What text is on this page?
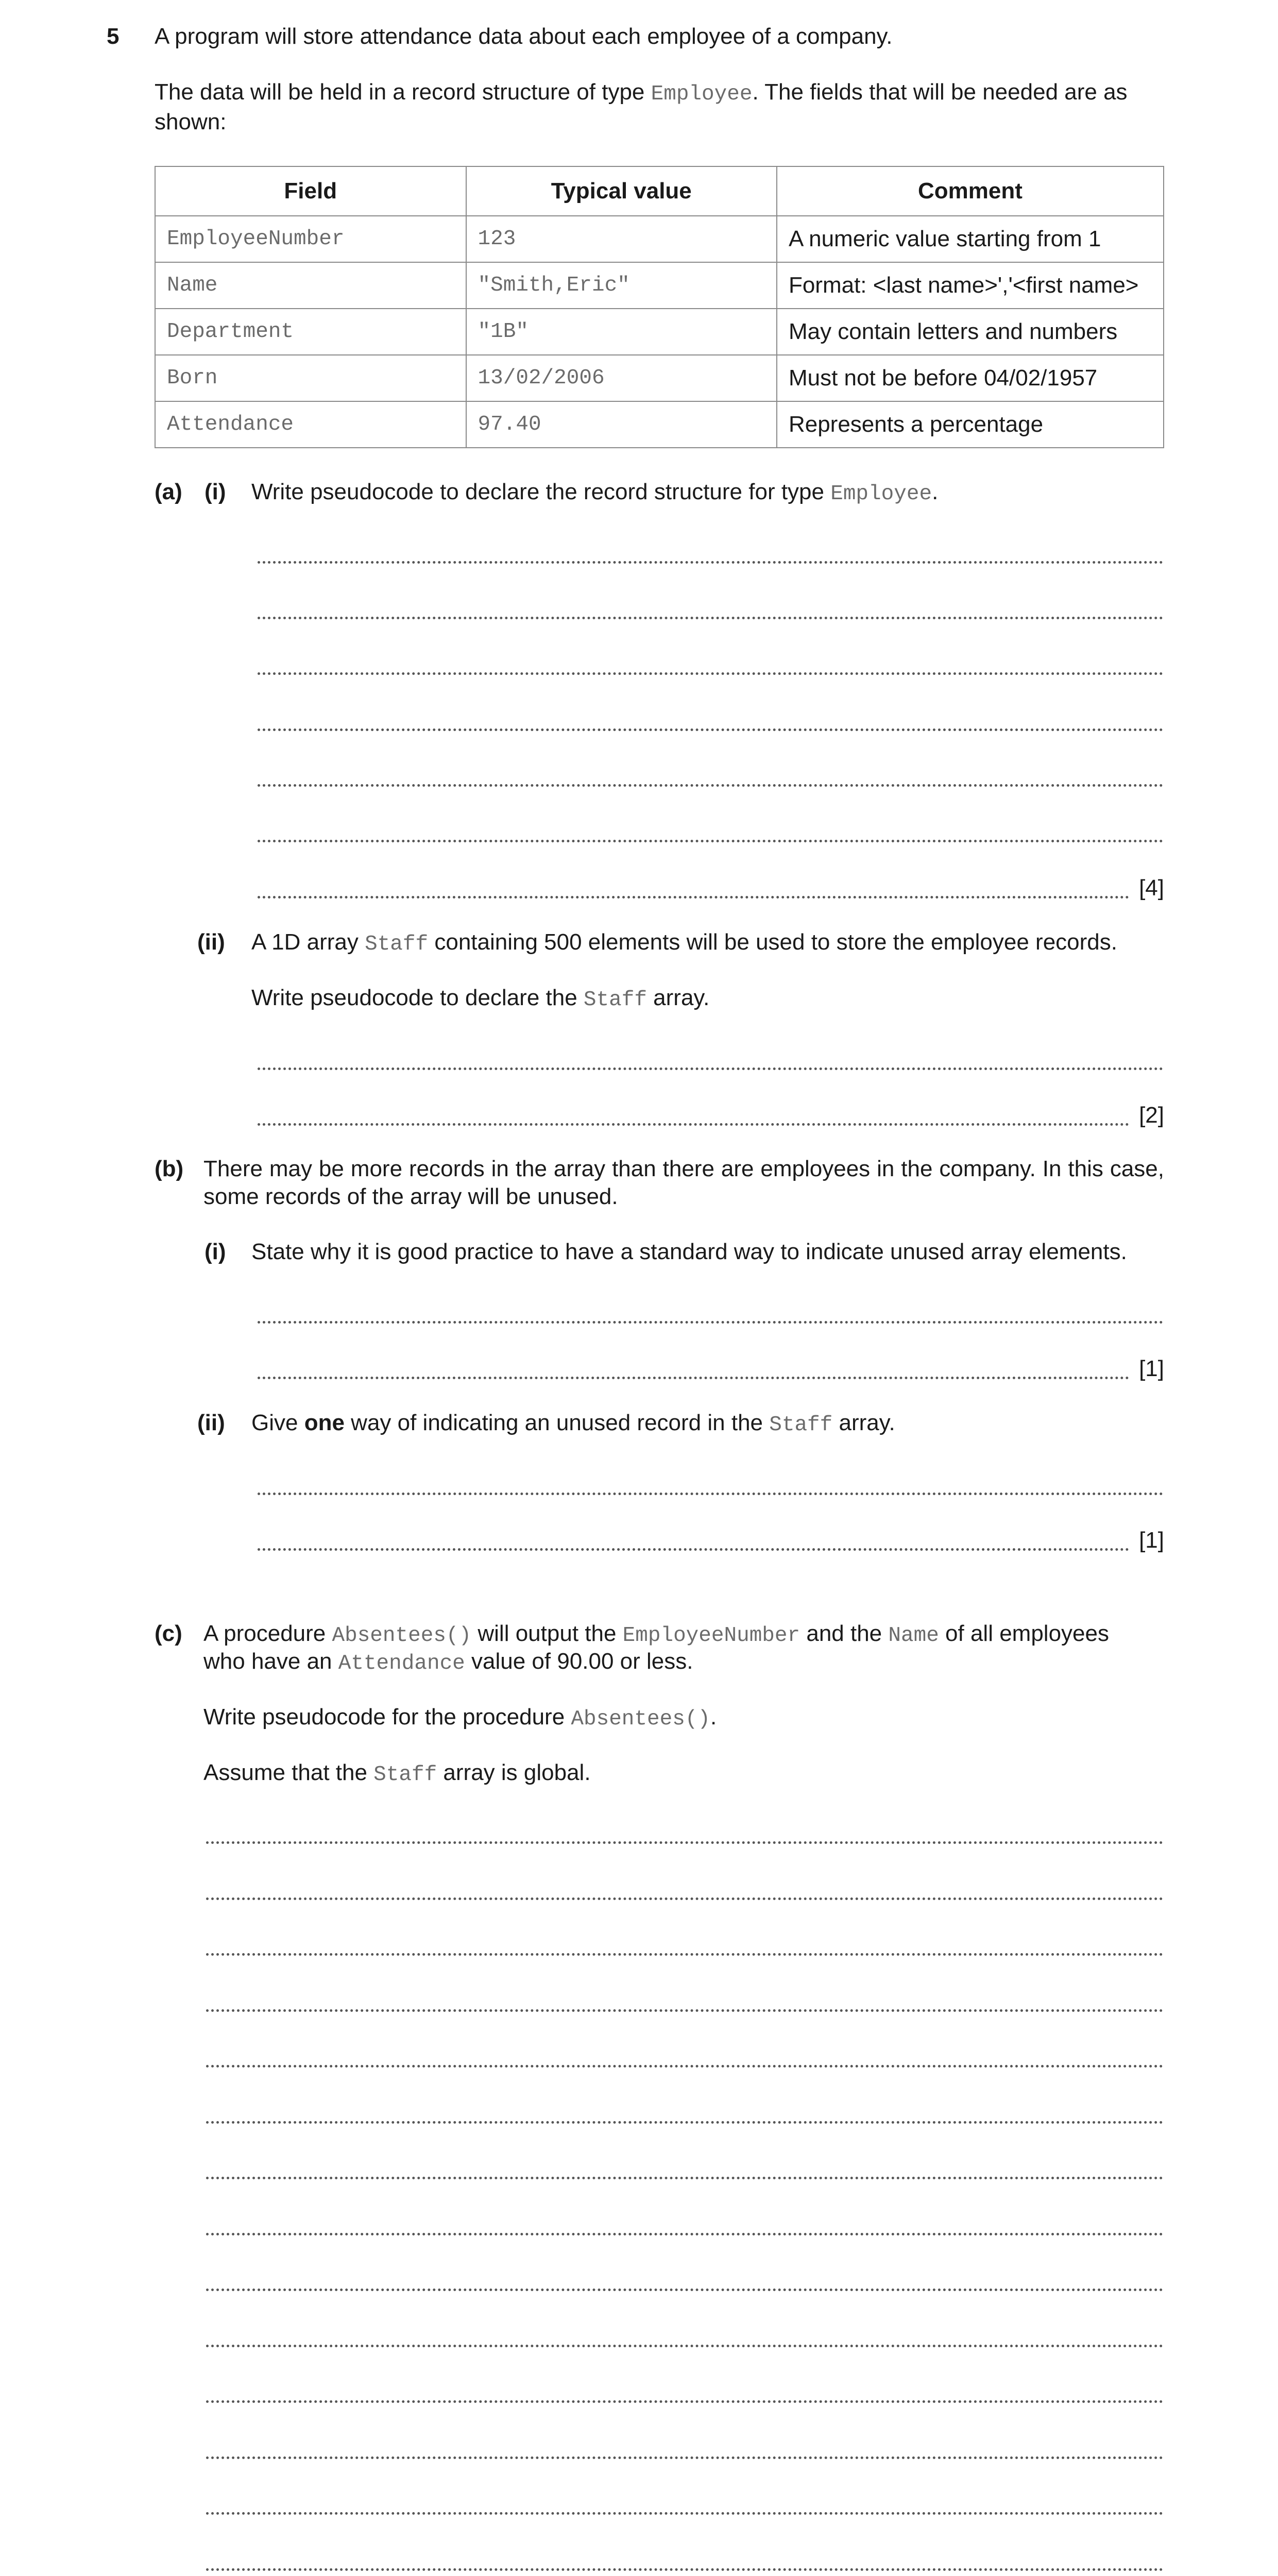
5 A program will store attendance data about each employee of a company.
The data will be held in a record structure of type Employee. The fields that will be needed are as shown:
Field	Typical value	Comment
EmployeeNumber	123	A numeric value starting from 1
Name	"Smith,Eric"	Format: <last name>','<first name>
Department	"1B"	May contain letters and numbers
Born	13/02/2006	Must not be before 04/02/1957
Attendance	97.40	Represents a percentage
(a) (i) Write pseudocode to declare the record structure for type Employee.
[4]
(ii) A 1D array Staff containing 500 elements will be used to store the employee records.
Write pseudocode to declare the Staff array.
[2]
(b) There may be more records in the array than there are employees in the company. In this case, some records of the array will be unused.
(i) State why it is good practice to have a standard way to indicate unused array elements.
[1]
(ii) Give one way of indicating an unused record in the Staff array.
[1]
(c) A procedure Absentees() will output the EmployeeNumber and the Name of all employees
who have an Attendance value of 90.00 or less.
Write pseudocode for the procedure Absentees().
Assume that the Staff array is global.
